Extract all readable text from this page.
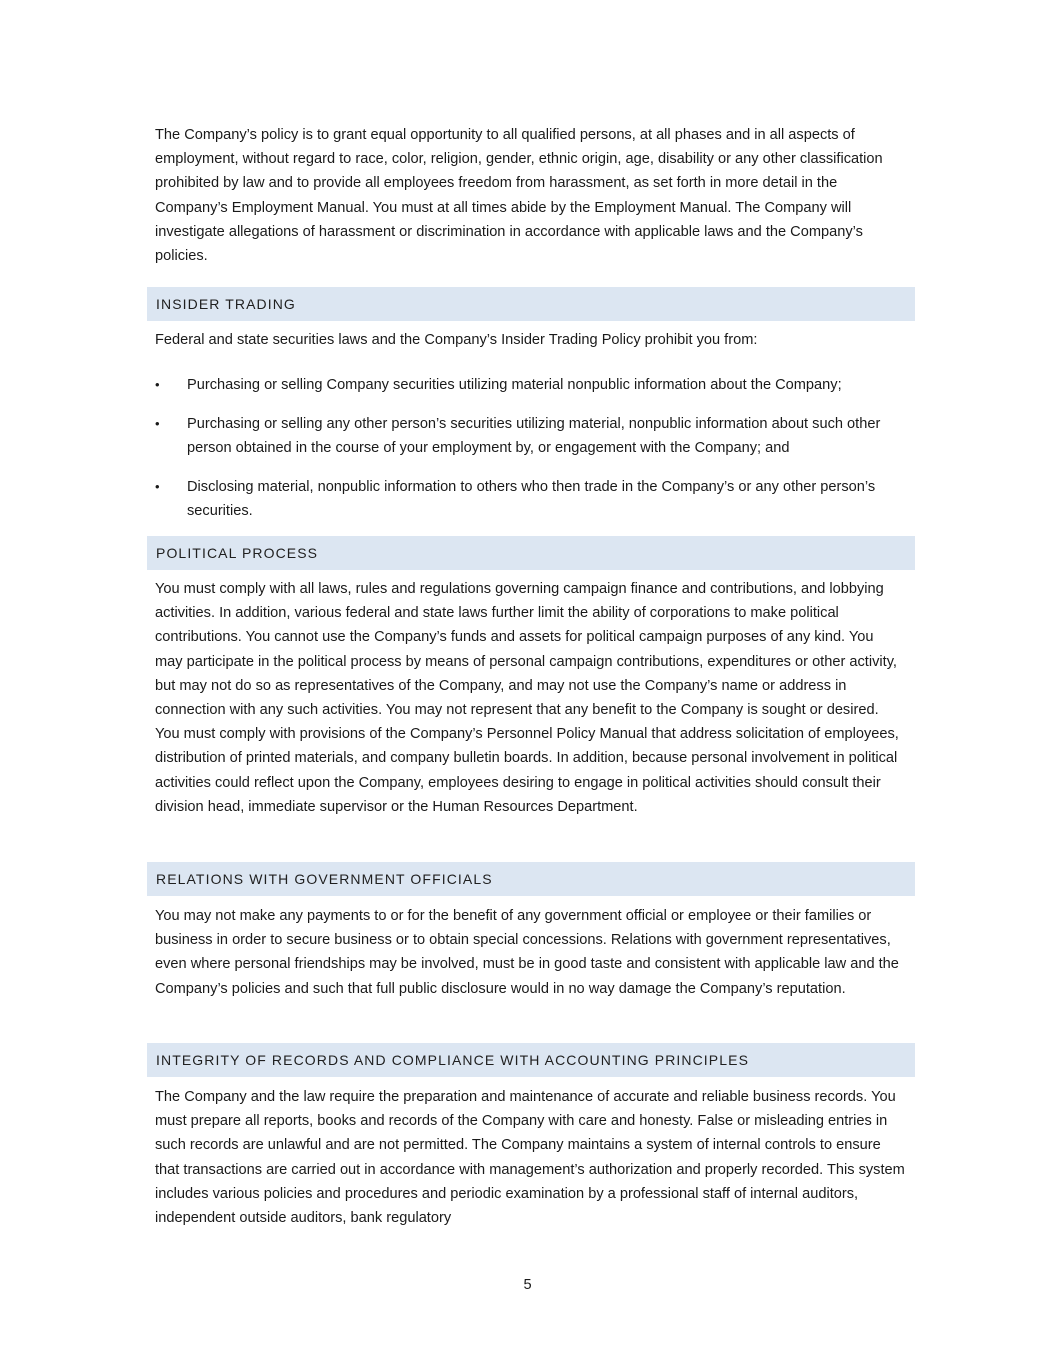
The Company’s policy is to grant equal opportunity to all qualified persons, at all phases and in all aspects of employment, without regard to race, color, religion, gender, ethnic origin, age, disability or any other classification prohibited by law and to provide all employees freedom from harassment, as set forth in more detail in the Company’s Employment Manual. You must at all times abide by the Employment Manual. The Company will investigate allegations of harassment or discrimination in accordance with applicable laws and the Company’s policies.

INSIDER TRADING

Federal and state securities laws and the Company’s Insider Trading Policy prohibit you from:

•	Purchasing or selling Company securities utilizing material nonpublic information about the Company;
•	Purchasing or selling any other person’s securities utilizing material, nonpublic information about such other person obtained in the course of your employment by, or engagement with the Company; and
•	Disclosing material, nonpublic information to others who then trade in the Company’s or any other person’s securities.
POLITICAL PROCESS

You must comply with all laws, rules and regulations governing campaign finance and contributions, and lobbying activities. In addition, various federal and state laws further limit the ability of corporations to make political contributions. You cannot use the Company’s funds and assets for political campaign purposes of any kind. You may participate in the political process by means of personal campaign contributions, expenditures or other activity, but may not do so as representatives of the Company, and may not use the Company’s name or address in connection with any such activities. You may not represent that any benefit to the Company is sought or desired. You must comply with provisions of the Company’s Personnel Policy Manual that address solicitation of employees, distribution of printed materials, and company bulletin boards. In addition, because personal involvement in political activities could reflect upon the Company, employees desiring to engage in political activities should consult their division head, immediate supervisor or the Human Resources Department.

RELATIONS WITH GOVERNMENT OFFICIALS

You may not make any payments to or for the benefit of any government official or employee or their families or business in order to secure business or to obtain special concessions. Relations with government representatives, even where personal friendships may be involved, must be in good taste and consistent with applicable law and the Company’s policies and such that full public disclosure would in no way damage the Company’s reputation.

INTEGRITY OF RECORDS AND COMPLIANCE WITH ACCOUNTING PRINCIPLES

The Company and the law require the preparation and maintenance of accurate and reliable business records. You must prepare all reports, books and records of the Company with care and honesty. False or misleading entries in such records are unlawful and are not permitted. The Company maintains a system of internal controls to ensure that transactions are carried out in accordance with management’s authorization and properly recorded. This system includes various policies and procedures and periodic examination by a professional staff of internal auditors, independent outside auditors, bank regulatory

5
